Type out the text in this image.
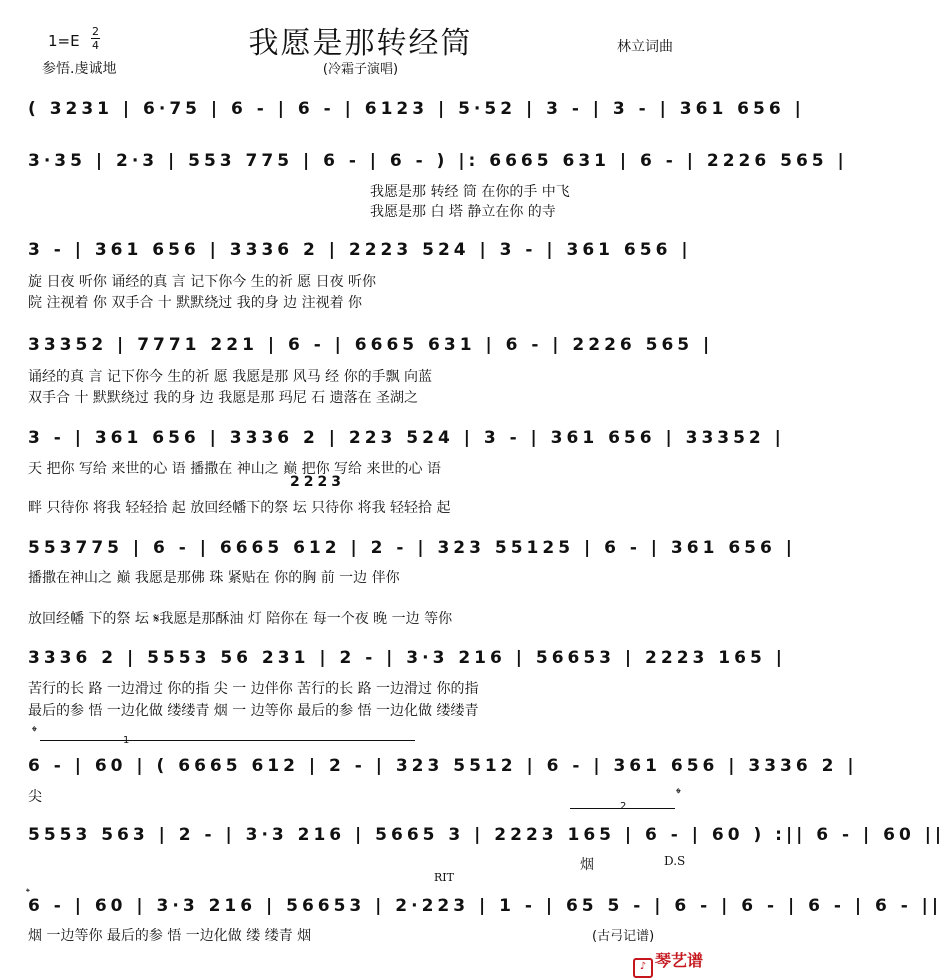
我愿是那转经筒
1=E
2
4
参悟.虔诚地
林立词曲
(冷霜子演唱)
( 3231 | 6·75 | 6 - | 6 - | 6123 | 5·52 | 3 - | 3 - | 361 656 |
3·35 | 2·3 | 553 775 | 6 - | 6 - ) |: 6665 631 | 6 - | 2226 565 |
我愿是那 转经 筒 在你的手 中飞
我愿是那 白 塔 静立在你 的寺
3 - | 361 656 | 3336 2 | 2223 524 | 3 - | 361 656 |
旋 日夜 听你 诵经的真 言 记下你今 生的祈 愿 日夜 听你
院 注视着 你 双手合 十 默默绕过 我的身 边 注视着 你
33352 | 7771 221 | 6 - | 6665 631 | 6 - | 2226 565 |
诵经的真 言 记下你今 生的祈 愿 我愿是那 风马 经 你的手飘 向蓝
双手合 十 默默绕过 我的身 边 我愿是那 玛尼 石 遗落在 圣湖之
3 - | 361 656 | 3336 2 | 223 524 | 3 - | 361 656 | 33352 |
天 把你 写给 来世的心 语 播撒在 神山之 巅 把你 写给 来世的心 语
2223
畔 只待你 将我 轻轻拾 起 放回经幡下的祭 坛 只待你 将我 轻轻拾 起
553775 | 6 - | 6665 612 | 2 - | 323 55125 | 6 - | 361 656 |
播撒在神山之 巅 我愿是那佛 珠 紧贴在 你的胸 前 一边 伴你
放回经幡 下的祭 坛 𝄋我愿是那酥油 灯 陪你在 每一个夜 晚 一边 等你
3336 2 | 5553 56 231 | 2 - | 3·3 216 | 56653 | 2223 165 |
苦行的长 路 一边滑过 你的指 尖 一 边伴你 苦行的长 路 一边滑过 你的指
最后的参 悟 一边化做 缕缕青 烟 一 边等你 最后的参 悟 一边化做 缕缕青
𝄌
1
6 - | 60 | ( 6665 612 | 2 - | 323 5512 | 6 - | 361 656 | 3336 2 |
尖
2
𝄌
5553 563 | 2 - | 3·3 216 | 5665 3 | 2223 165 | 6 - | 60 ) :|| 6 - | 60 ||
烟	D.S
RIT
𝄌
6 - | 60 | 3·3 216 | 56653 | 2·223 | 1 - | 65 5 - | 6 - | 6 - | 6 - | 6 - ||
烟 一边等你 最后的参 悟 一边化做 缕 缕青 烟	(古弓记谱)
♪ 琴艺谱
